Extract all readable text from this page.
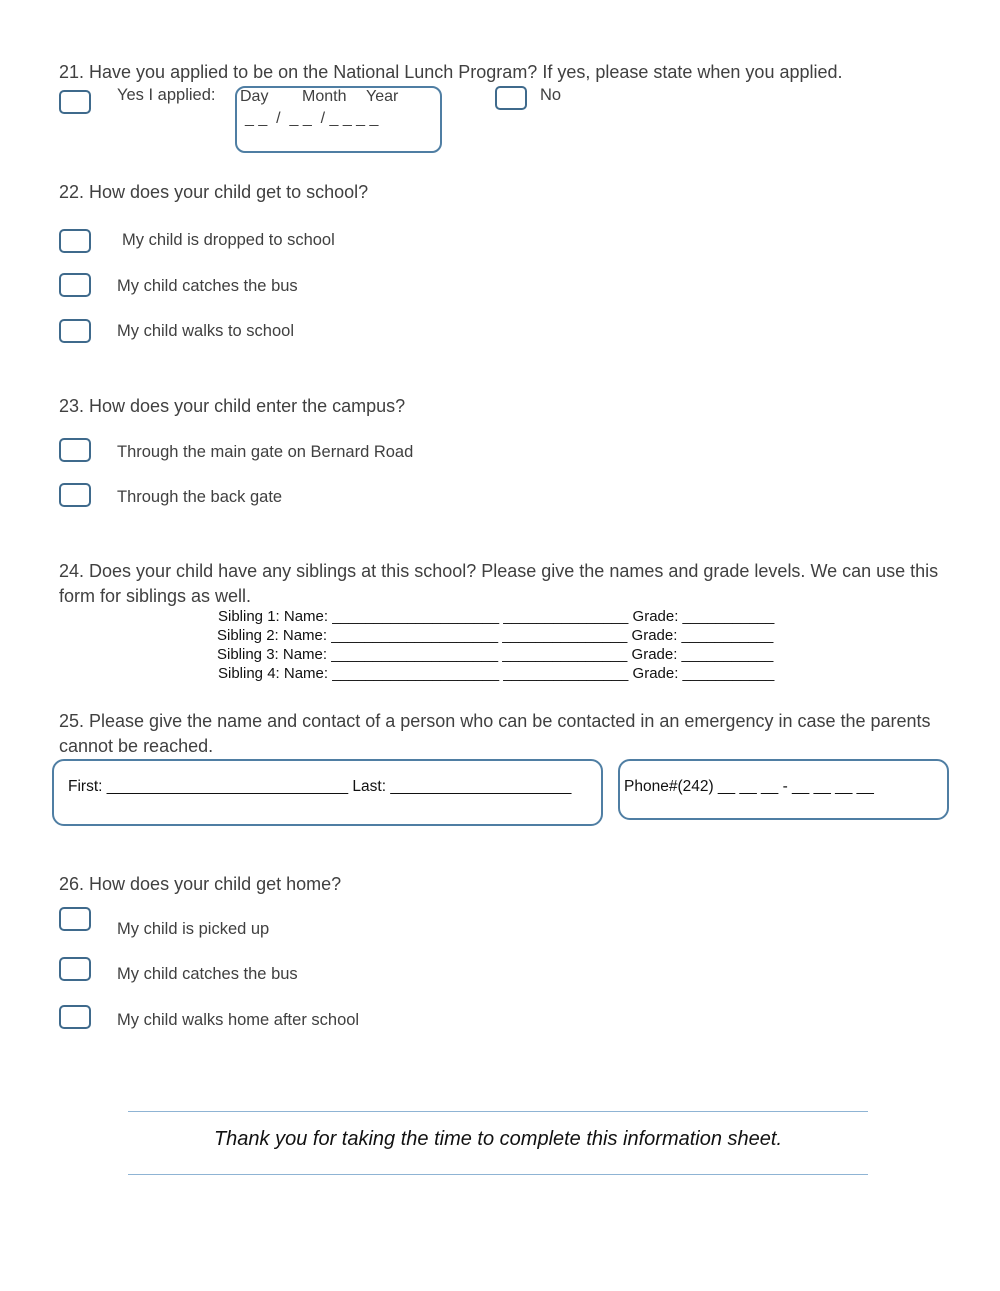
21. Have you applied to be on the National Lunch Program? If yes, please state when you applied.
Yes I applied: Day Month Year
_ _  /  _ _  / _ _ _ _
No
22. How does your child get to school?
My child is dropped to school
My child catches the bus
My child walks to school
23. How does your child enter the campus?
Through the main gate on Bernard Road
Through the back gate
24. Does your child have any siblings at this school? Please give the names and grade levels. We can use this form for siblings as well.
Sibling 1: Name: ____________________ _______________ Grade: ___________
Sibling 2: Name: ____________________ _______________ Grade: ___________
Sibling 3: Name: ____________________ _______________ Grade: ___________
Sibling 4: Name: ____________________ _______________ Grade: ___________
25. Please give the name and contact of a person who can be contacted in an emergency in case the parents cannot be reached.
First: ____________________________ Last: _____________________	Phone#(242) __ __ __ - __ __ __ __
26. How does your child get home?
My child is picked up
My child catches the bus
My child walks home after school
Thank you for taking the time to complete this information sheet.
